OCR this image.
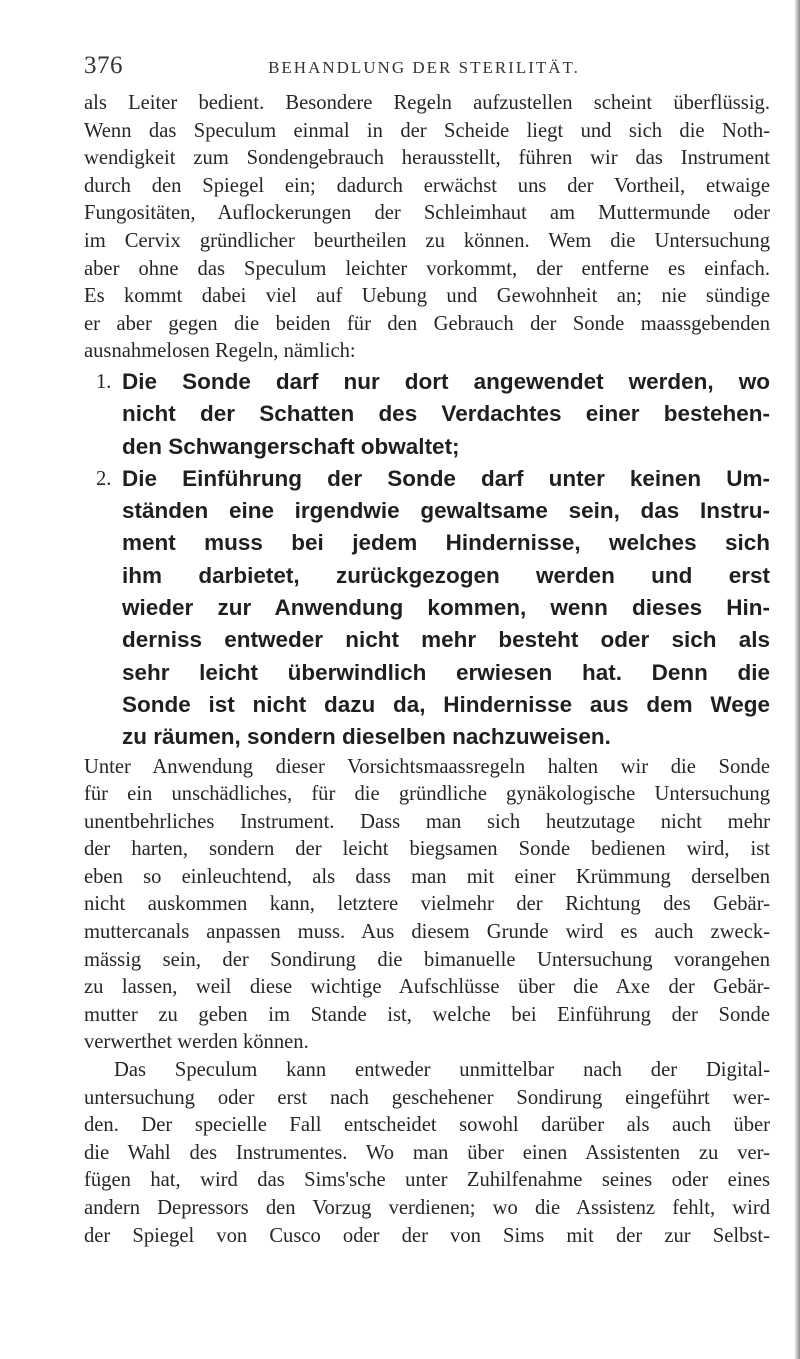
376	BEHANDLUNG DER STERILITÄT.
als Leiter bedient. Besondere Regeln aufzustellen scheint überflüssig.
Wenn das Speculum einmal in der Scheide liegt und sich die Noth-
wendigkeit zum Sondengebrauch herausstellt, führen wir das Instrument
durch den Spiegel ein; dadurch erwächst uns der Vortheil, etwaige
Fungositäten, Auflockerungen der Schleimhaut am Muttermunde oder
im Cervix gründlicher beurtheilen zu können. Wem die Untersuchung
aber ohne das Speculum leichter vorkommt, der entferne es einfach.
Es kommt dabei viel auf Uebung und Gewohnheit an; nie sündige
er aber gegen die beiden für den Gebrauch der Sonde maassgebenden
ausnahmelosen Regeln, nämlich:
1. Die Sonde darf nur dort angewendet werden, wo
nicht der Schatten des Verdachtes einer bestehen-
den Schwangerschaft obwaltet;
2. Die Einführung der Sonde darf unter keinen Um-
ständen eine irgendwie gewaltsame sein, das Instru-
ment muss bei jedem Hindernisse, welches sich
ihm darbietet, zurückgezogen werden und erst
wieder zur Anwendung kommen, wenn dieses Hin-
derniss entweder nicht mehr besteht oder sich als
sehr leicht überwindlich erwiesen hat. Denn die
Sonde ist nicht dazu da, Hindernisse aus dem Wege
zu räumen, sondern dieselben nachzuweisen.
Unter Anwendung dieser Vorsichtsmaassregeln halten wir die Sonde
für ein unschädliches, für die gründliche gynäkologische Untersuchung
unentbehrliches Instrument. Dass man sich heutzutage nicht mehr
der harten, sondern der leicht biegsamen Sonde bedienen wird, ist
eben so einleuchtend, als dass man mit einer Krümmung derselben
nicht auskommen kann, letztere vielmehr der Richtung des Gebär-
muttercanals anpassen muss. Aus diesem Grunde wird es auch zweck-
mässig sein, der Sondirung die bimanuelle Untersuchung vorangehen
zu lassen, weil diese wichtige Aufschlüsse über die Axe der Gebär-
mutter zu geben im Stande ist, welche bei Einführung der Sonde
verwerthet werden können.
Das Speculum kann entweder unmittelbar nach der Digital-
untersuchung oder erst nach geschehener Sondirung eingeführt wer-
den. Der specielle Fall entscheidet sowohl darüber als auch über
die Wahl des Instrumentes. Wo man über einen Assistenten zu ver-
fügen hat, wird das Sims'sche unter Zuhilfenahme seines oder eines
andern Depressors den Vorzug verdienen; wo die Assistenz fehlt, wird
der Spiegel von Cusco oder der von Sims mit der zur Selbst-
